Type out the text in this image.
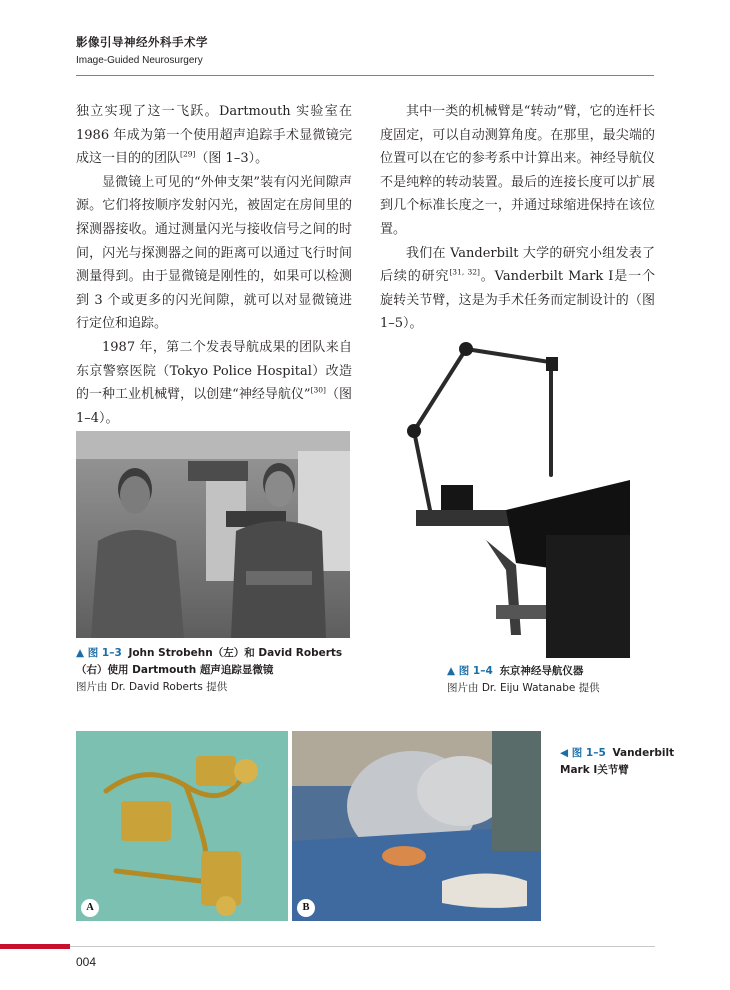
影像引导神经外科手术学
Image-Guided Neurosurgery

独立实现了这一飞跃。Dartmouth 实验室在 1986 年成为第一个使用超声追踪手术显微镜完成这一目的的团队[29]（图 1–3）。

显微镜上可见的“外伸支架”装有闪光间隙声源。它们将按顺序发射闪光，被固定在房间里的探测器接收。通过测量闪光与接收信号之间的时间，闪光与探测器之间的距离可以通过飞行时间测量得到。由于显微镜是刚性的，如果可以检测到 3 个或更多的闪光间隙，就可以对显微镜进行定位和追踪。

1987 年，第二个发表导航成果的团队来自东京警察医院（Tokyo Police Hospital）改造的一种工业机械臂，以创建“神经导航仪”[30]（图 1–4）。

其中一类的机械臂是“转动”臂，它的连杆长度固定，可以自动测算角度。在那里，最尖端的位置可以在它的参考系中计算出来。神经导航仪不是纯粹的转动装置。最后的连接长度可以扩展到几个标准长度之一，并通过球缩进保持在该位置。

我们在 Vanderbilt 大学的研究小组发表了后续的研究[31, 32]。Vanderbilt Mark Ⅰ是一个旋转关节臂，这是为手术任务而定制设计的（图 1–5）。

▲ 图 1–3 John Strobehn（左）和 David Roberts（右）使用 Dartmouth 超声追踪显微镜
图片由 Dr. David Roberts 提供
▲ 图 1–4 东京神经导航仪器
图片由 Dr. Eiju Watanabe 提供
A	B
◀ 图 1–5 Vanderbilt Mark Ⅰ关节臂
004
